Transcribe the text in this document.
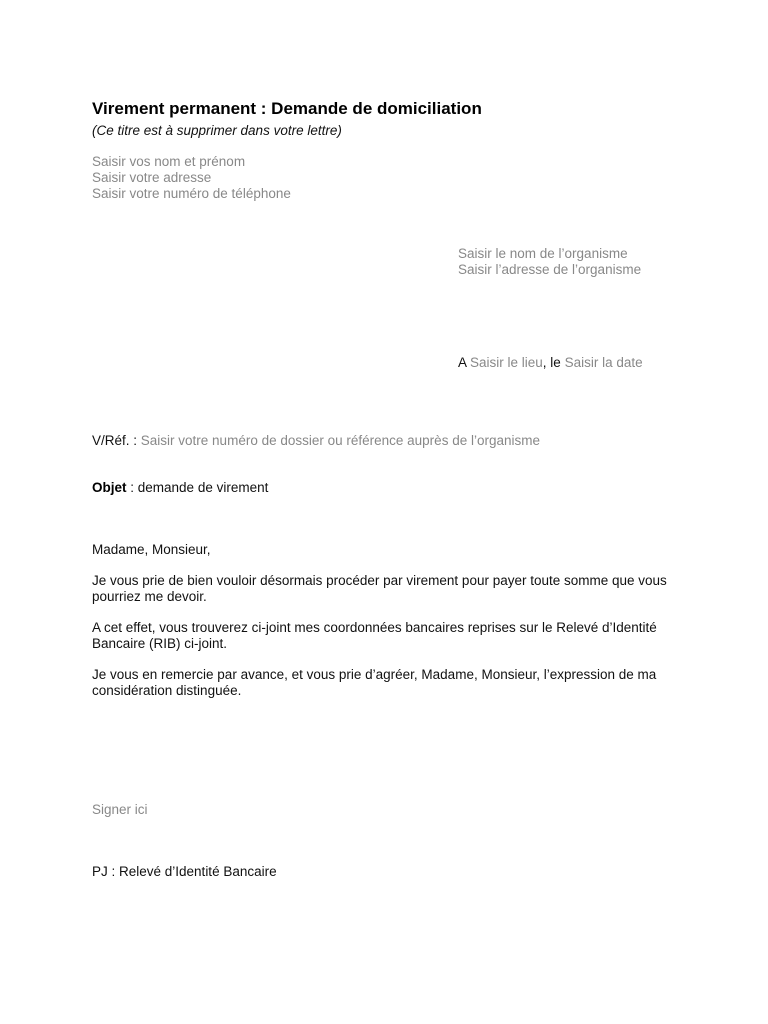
Virement permanent : Demande de domiciliation
(Ce titre est à supprimer dans votre lettre)
Saisir vos nom et prénom
Saisir votre adresse
Saisir votre numéro de téléphone
Saisir le nom de l’organisme
Saisir l’adresse de l’organisme
A Saisir le lieu, le Saisir la date
V/Réf. : Saisir votre numéro de dossier ou référence auprès de l’organisme
Objet : demande de virement

Madame, Monsieur,

Je vous prie de bien vouloir désormais procéder par virement pour payer toute somme que vous pourriez me devoir.

A cet effet, vous trouverez ci-joint mes coordonnées bancaires reprises sur le Relevé d’Identité Bancaire (RIB) ci-joint.

Je vous en remercie par avance, et vous prie d’agréer, Madame, Monsieur, l’expression de ma considération distinguée.

Signer ici
PJ : Relevé d’Identité Bancaire
